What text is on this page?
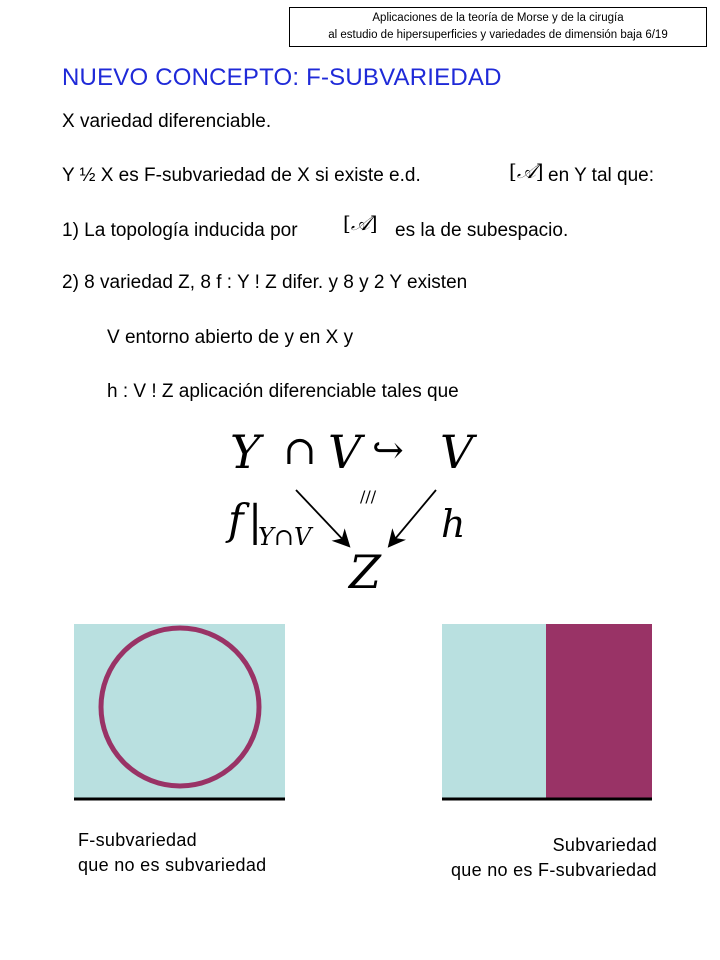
Aplicaciones de la teoría de Morse y de la cirugía
al estudio de hipersuperficies y variedades de dimensión baja 6/19
NUEVO CONCEPTO: F-SUBVARIEDAD
X variedad diferenciable.
Y ½ X es F-subvariedad de X si existe e.d.	[𝒜] en Y tal que:
1) La topología inducida por [𝒜] es la de subespacio.
2) 8 variedad Z, 8 f : Y ! Z difer. y 8 y 2 Y existen
V entorno abierto de y en X y
h : V ! Z aplicación diferenciable tales que
Y ∩ V ↪ V
///
f |
Y∩V	h
Z
F-subvariedad
que no es subvariedad
Subvariedad
que no es F-subvariedad
